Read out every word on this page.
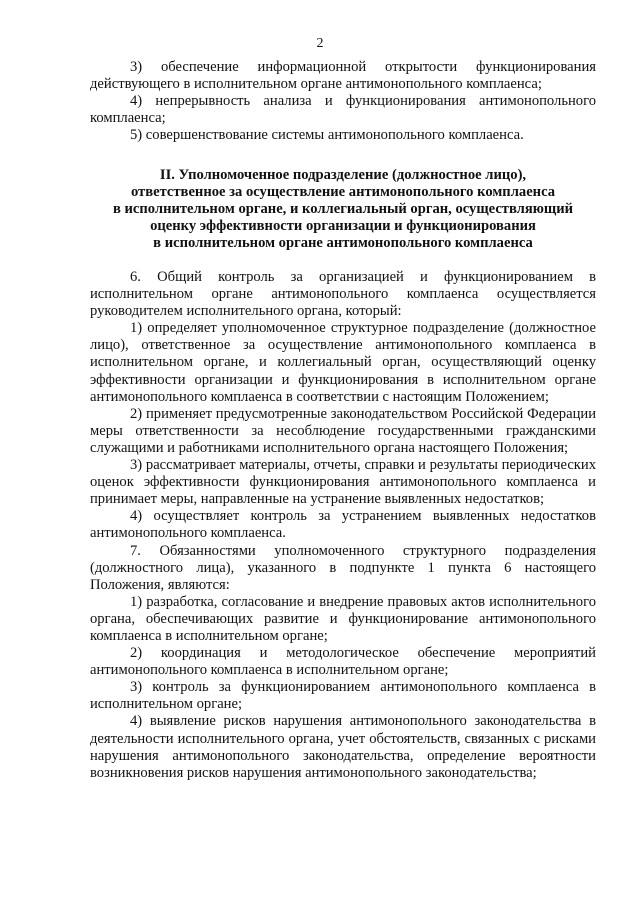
2

3) обеспечение информационной открытости функционирования действующего в исполнительном органе антимонопольного комплаенса;

4) непрерывность анализа и функционирования антимонопольного комплаенса;

5) совершенствование системы антимонопольного комплаенса.

II. Уполномоченное подразделение (должностное лицо),

ответственное за осуществление антимонопольного комплаенса

в исполнительном органе, и коллегиальный орган, осуществляющий

оценку эффективности организации и функционирования

в исполнительном органе антимонопольного комплаенса

6. Общий контроль за организацией и функционированием в исполнительном органе антимонопольного комплаенса осуществляется руководителем исполнительного органа, который:

1) определяет уполномоченное структурное подразделение (должностное лицо), ответственное за осуществление антимонопольного комплаенса в исполнительном органе, и коллегиальный орган, осуществляющий оценку эффективности организации и функционирования в исполнительном органе антимонопольного комплаенса в соответствии с настоящим Положением;

2) применяет предусмотренные законодательством Российской Федерации меры ответственности за несоблюдение государственными гражданскими служащими и работниками исполнительного органа настоящего Положения;

3) рассматривает материалы, отчеты, справки и результаты периодических оценок эффективности функционирования антимонопольного комплаенса и принимает меры, направленные на устранение выявленных недостатков;

4) осуществляет контроль за устранением выявленных недостатков антимонопольного комплаенса.

7. Обязанностями уполномоченного структурного подразделения (должностного лица), указанного в подпункте 1 пункта 6 настоящего Положения, являются:

1) разработка, согласование и внедрение правовых актов исполнительного органа, обеспечивающих развитие и функционирование антимонопольного комплаенса в исполнительном органе;

2) координация и методологическое обеспечение мероприятий антимонопольного комплаенса в исполнительном органе;

3) контроль за функционированием антимонопольного комплаенса в исполнительном органе;

4) выявление рисков нарушения антимонопольного законодательства в деятельности исполнительного органа, учет обстоятельств, связанных с рисками нарушения антимонопольного законодательства, определение вероятности возникновения рисков нарушения антимонопольного законодательства;
